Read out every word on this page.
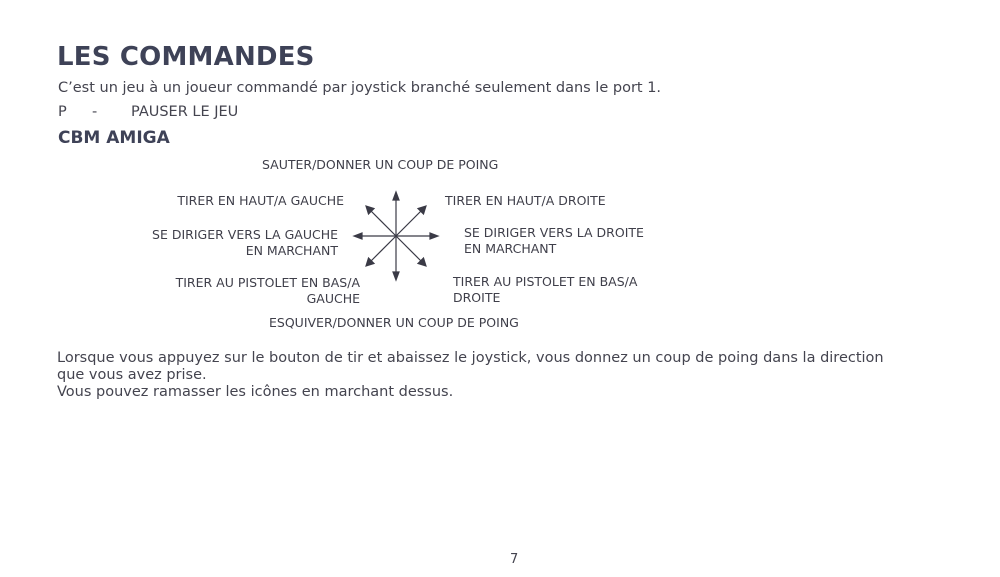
LES COMMANDES
C’est un jeu à un joueur commandé par joystick branché seulement dans le port 1.
P - PAUSER LE JEU
CBM AMIGA
SAUTER/DONNER UN COUP DE POING
TIRER EN HAUT/A GAUCHE	TIRER EN HAUT/A DROITE
SE DIRIGER VERS LA GAUCHE
EN MARCHANT
SE DIRIGER VERS LA DROITE
EN MARCHANT
TIRER AU PISTOLET EN BAS/A
GAUCHE
TIRER AU PISTOLET EN BAS/A
DROITE
ESQUIVER/DONNER UN COUP DE POING
Lorsque vous appuyez sur le bouton de tir et abaissez le joystick, vous donnez un coup de poing dans la direction
que vous avez prise.
Vous pouvez ramasser les icônes en marchant dessus.
7
